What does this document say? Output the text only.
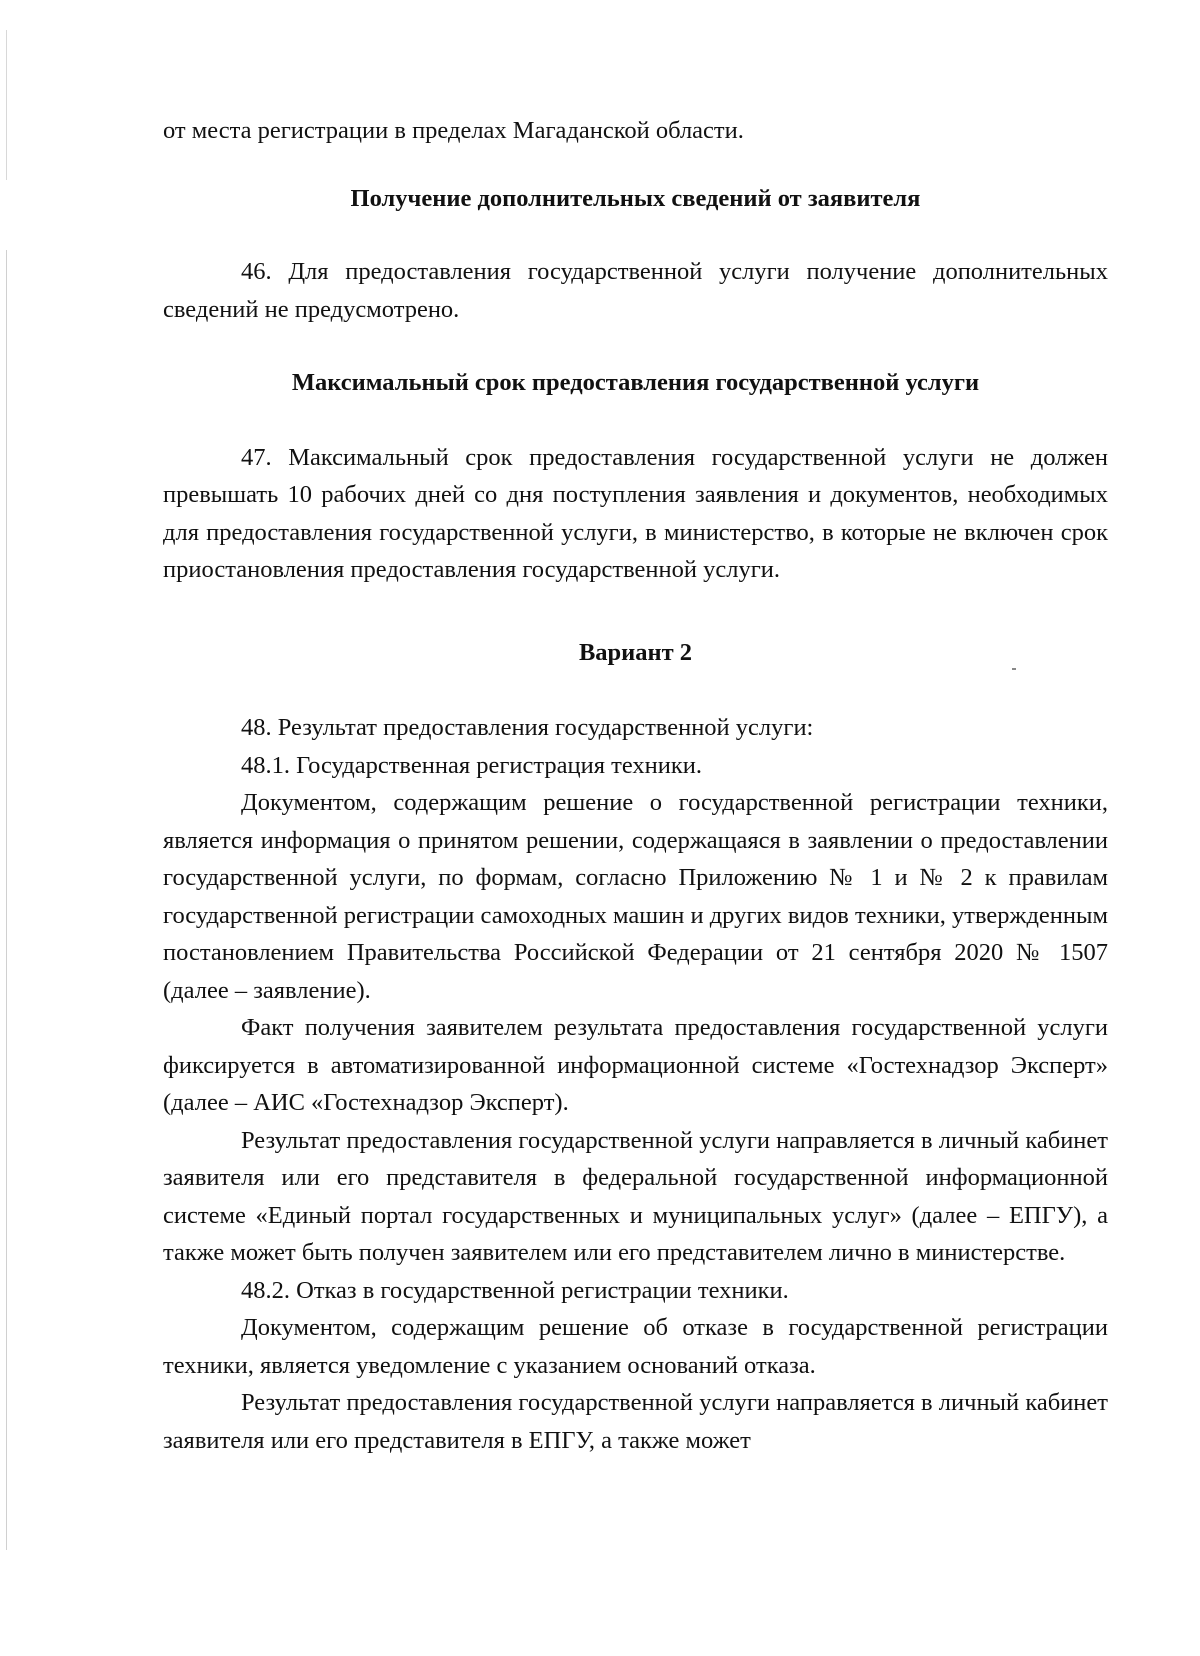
от места регистрации в пределах Магаданской области.

Получение дополнительных сведений от заявителя

46. Для предоставления государственной услуги получение дополнительных сведений не предусмотрено.

Максимальный срок предоставления государственной услуги

47. Максимальный срок предоставления государственной услуги не должен превышать 10 рабочих дней со дня поступления заявления и документов, необходимых для предоставления государственной услуги, в министерство, в которые не включен срок приостановления предоставления государственной услуги.

Вариант 2

48. Результат предоставления государственной услуги:

48.1. Государственная регистрация техники.

Документом, содержащим решение о государственной регистрации техники, является информация о принятом решении, содержащаяся в заявлении о предоставлении государственной услуги, по формам, согласно Приложению № 1 и № 2 к правилам государственной регистрации самоходных машин и других видов техники, утвержденным постановлением Правительства Российской Федерации от 21 сентября 2020 № 1507 (далее – заявление).

Факт получения заявителем результата предоставления государственной услуги фиксируется в автоматизированной информационной системе «Гостехнадзор Эксперт» (далее – АИС «Гостехнадзор Эксперт).

Результат предоставления государственной услуги направляется в личный кабинет заявителя или его представителя в федеральной государственной информационной системе «Единый портал государственных и муниципальных услуг» (далее – ЕПГУ), а также может быть получен заявителем или его представителем лично в министерстве.

48.2. Отказ в государственной регистрации техники.

Документом, содержащим решение об отказе в государственной регистрации техники, является уведомление с указанием оснований отказа.

Результат предоставления государственной услуги направляется в личный кабинет заявителя или его представителя в ЕПГУ, а также может
